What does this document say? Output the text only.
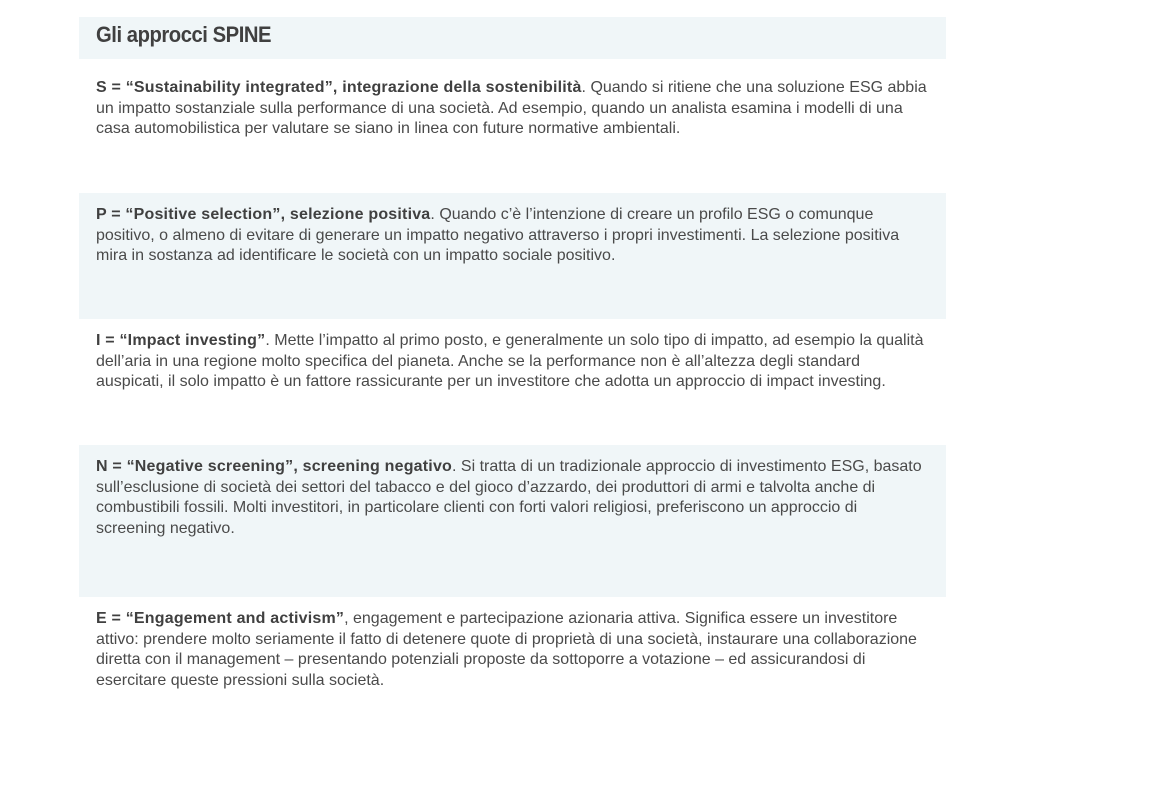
Gli approcci SPINE

S = “Sustainability integrated”, integrazione della sostenibilità. Quando si ritiene che una soluzione ESG abbia un impatto sostanziale sulla performance di una società. Ad esempio, quando un analista esamina i modelli di una casa automobilistica per valutare se siano in linea con future normative ambientali.

P = “Positive selection”, selezione positiva. Quando c’è l’intenzione di creare un profilo ESG o comunque positivo, o almeno di evitare di generare un impatto negativo attraverso i propri investimenti. La selezione positiva mira in sostanza ad identificare le società con un impatto sociale positivo.

I = “Impact investing”. Mette l’impatto al primo posto, e generalmente un solo tipo di impatto, ad esempio la qualità dell’aria in una regione molto specifica del pianeta. Anche se la performance non è all’altezza degli standard auspicati, il solo impatto è un fattore rassicurante per un investitore che adotta un approccio di impact investing.

N = “Negative screening”, screening negativo. Si tratta di un tradizionale approccio di investimento ESG, basato sull’esclusione di società dei settori del tabacco e del gioco d’azzardo, dei produttori di armi e talvolta anche di combustibili fossili. Molti investitori, in particolare clienti con forti valori religiosi, preferiscono un approccio di screening negativo.

E = “Engagement and activism”, engagement e partecipazione azionaria attiva. Significa essere un investitore attivo: prendere molto seriamente il fatto di detenere quote di proprietà di una società, instaurare una collaborazione diretta con il management – presentando potenziali proposte da sottoporre a votazione – ed assicurandosi di esercitare queste pressioni sulla società.
